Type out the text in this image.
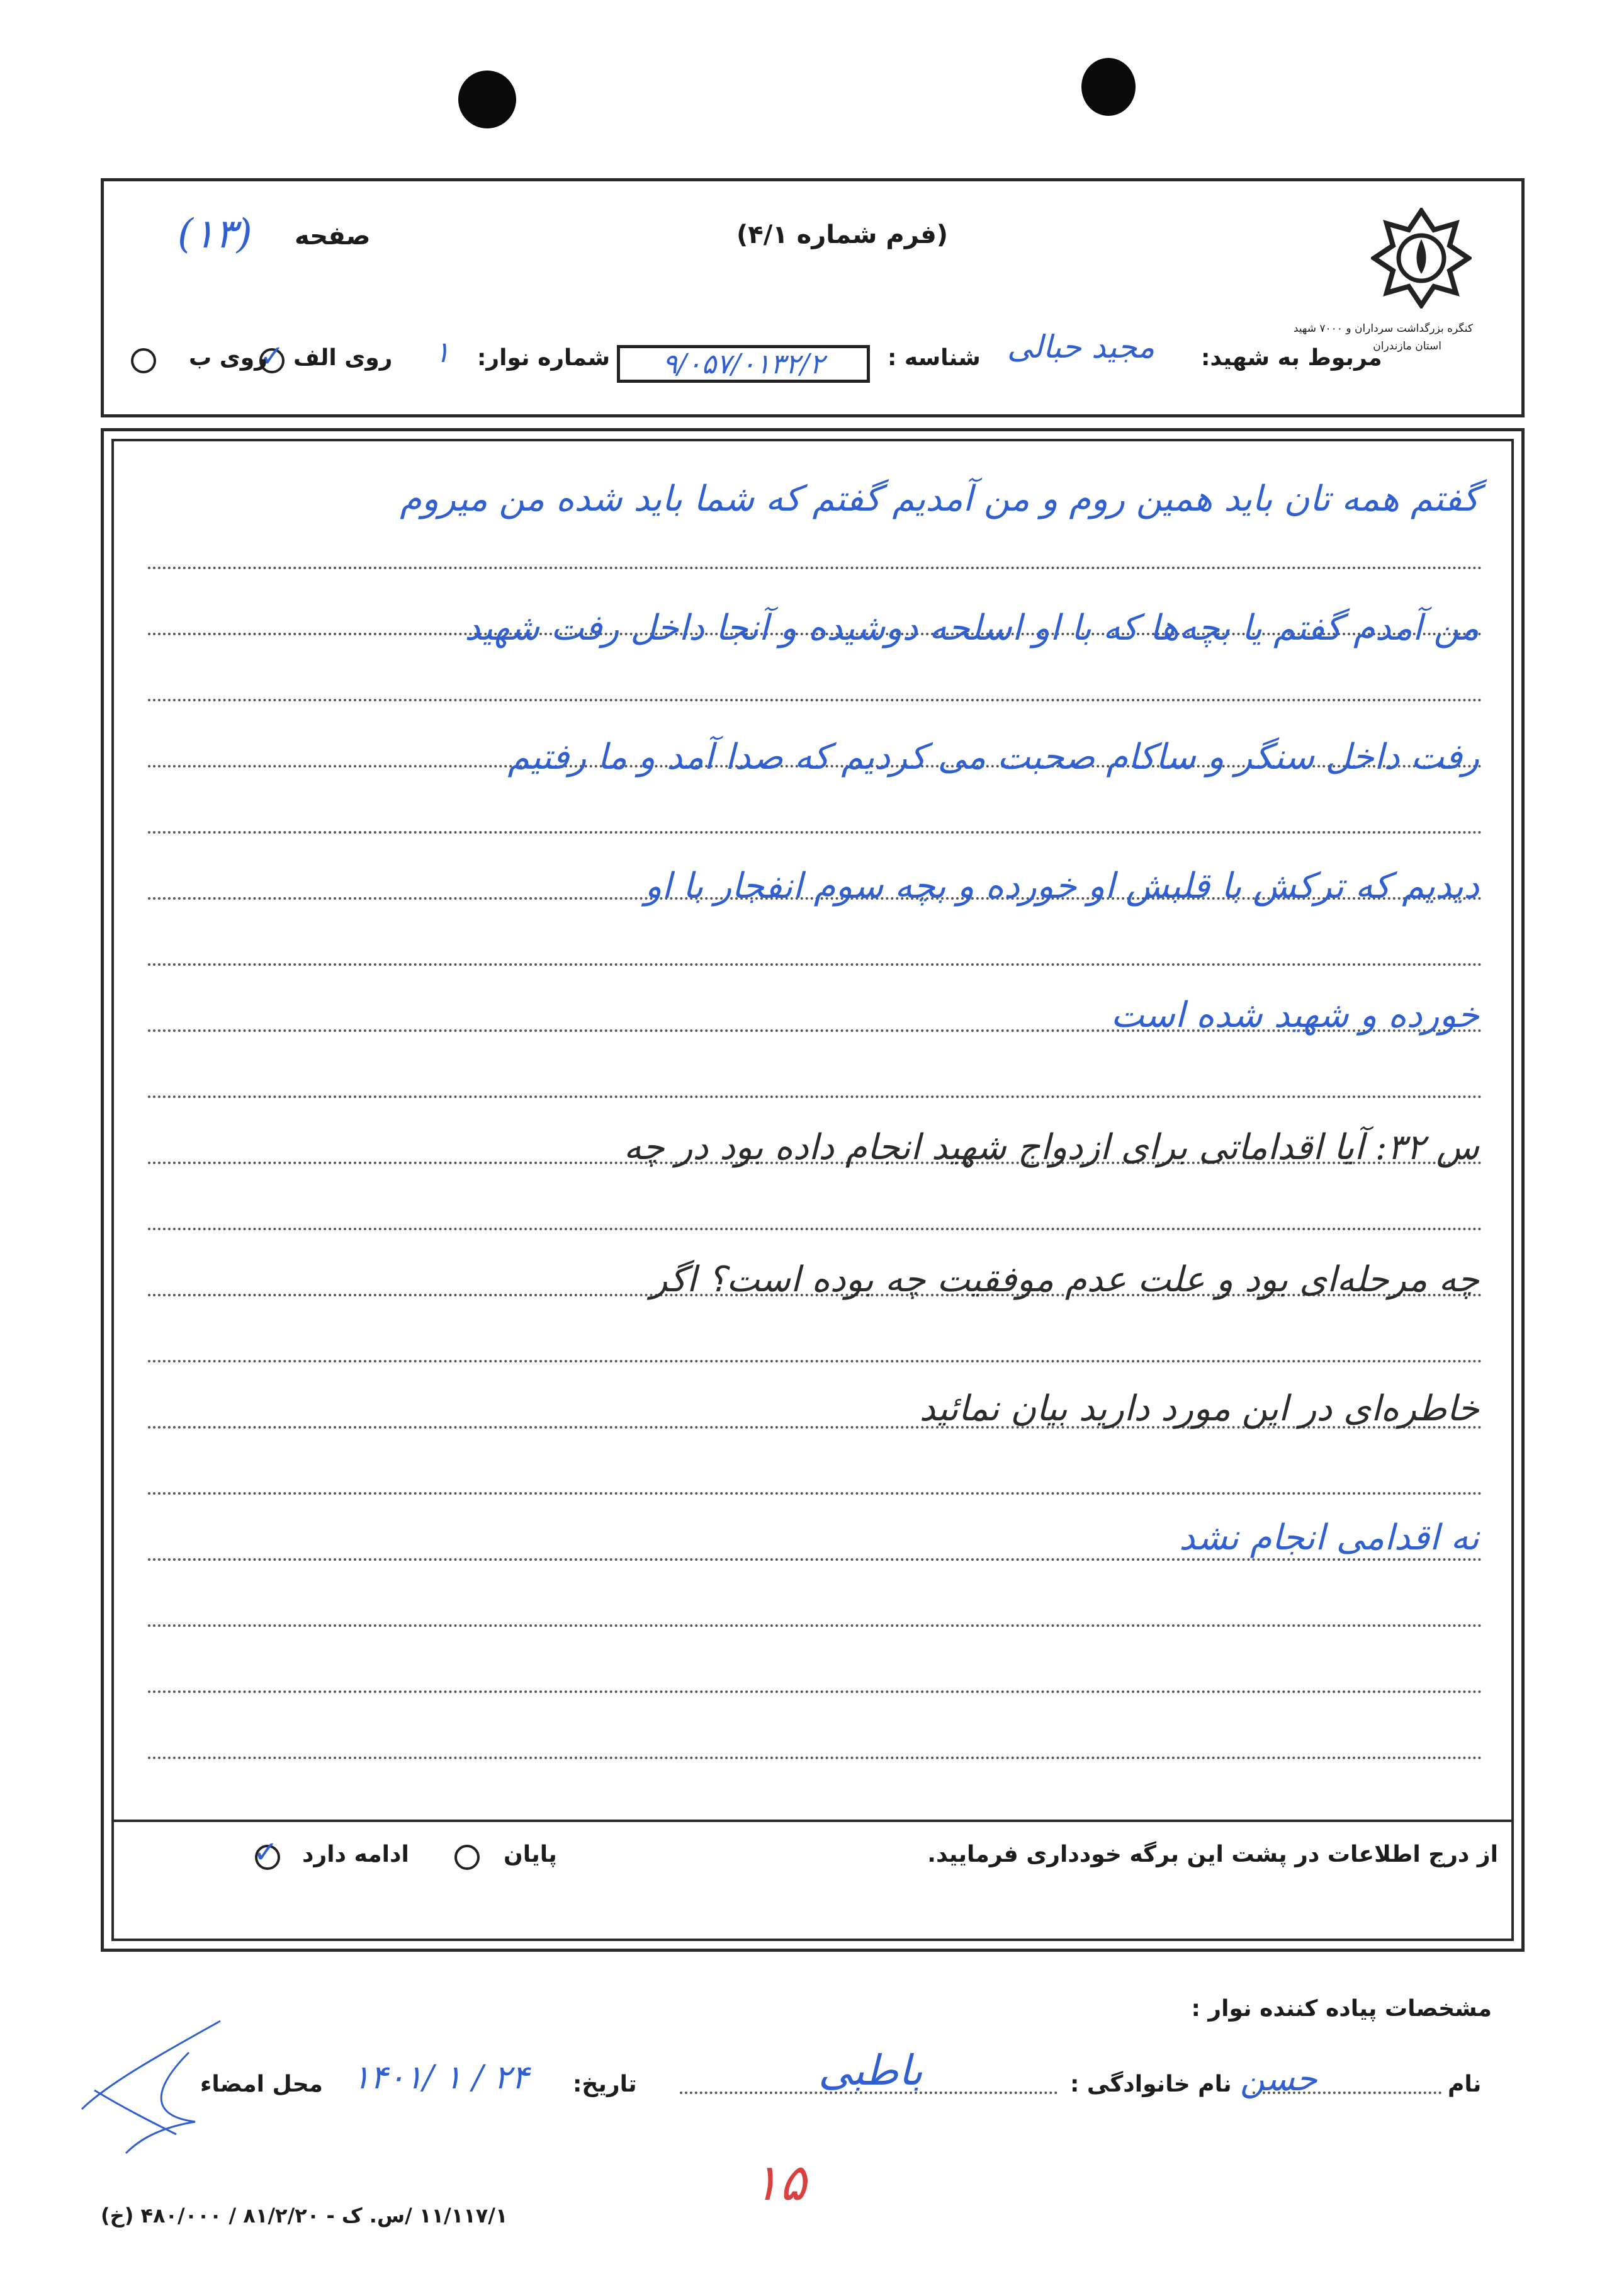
کنگره بزرگداشت سرداران و ۷۰۰۰ شهید
استان مازندران
(فرم شماره ۴/۱)
صفحه
(۱۳)
مربوط به شهید:
مجید حبالی
شناسه :
۹/۰۵۷/۰۱۳۲/۲
شماره نوار:
۱
روی الف
✓
روی ب
گفتم همه‌ تان باید همین روم و من آمدیم گفتم که شما باید شده من میروم
من آمدم گفتم یا بچه‌ها که با او اسلحه دوشیده و آنجا داخل رفت شهید
رفت داخل سنگر و ساکام صحبت می کردیم که صدا آمد و ما رفتیم
دیدیم که ترکش با قلبش او خورده و بچه سوم انفجار با او
خورده و شهید شده است
س ۳۲: آیا اقداماتی برای ازدواج شهید انجام داده بود در چه
چه مرحله‌ای بود و علت عدم موفقیت چه بوده است؟ اگر
خاطره‌ای در این مورد دارید بیان نمائید
نه اقدامی انجام نشد
از درج اطلاعات در پشت این برگه خودداری فرمایید.
پایان
ادامه دارد
✓
مشخصات پیاده کننده نوار :
نام
حسن
نام خانوادگی :
باطبی
تاریخ:
۱۴۰۱/ ۱ / ۲۴
محل امضاء
۱۵
۱۱/۱۱۷/۱ /س. ک - ۸۱/۲/۲۰ / ۴۸۰/۰۰۰ (خ)
